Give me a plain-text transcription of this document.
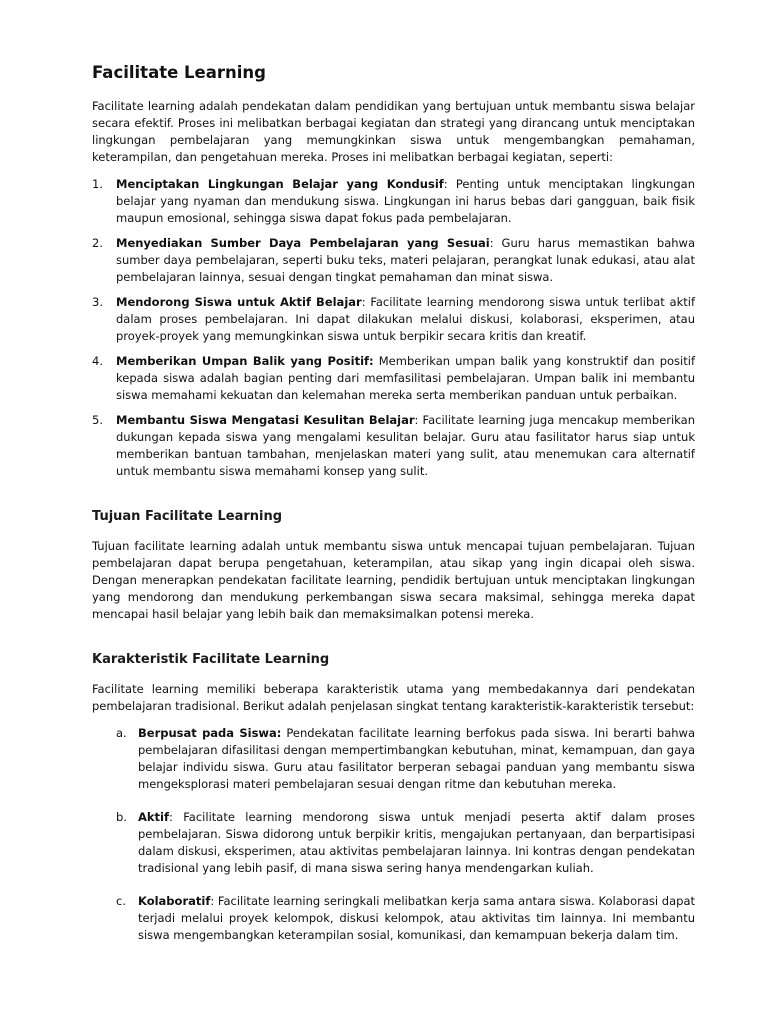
Facilitate Learning

Facilitate learning adalah pendekatan dalam pendidikan yang bertujuan untuk membantu siswa belajar secara efektif. Proses ini melibatkan berbagai kegiatan dan strategi yang dirancang untuk menciptakan lingkungan pembelajaran yang memungkinkan siswa untuk mengembangkan pemahaman, keterampilan, dan pengetahuan mereka. Proses ini melibatkan berbagai kegiatan, seperti:

1. Menciptakan Lingkungan Belajar yang Kondusif: Penting untuk menciptakan lingkungan belajar yang nyaman dan mendukung siswa. Lingkungan ini harus bebas dari gangguan, baik fisik maupun emosional, sehingga siswa dapat fokus pada pembelajaran.
2. Menyediakan Sumber Daya Pembelajaran yang Sesuai: Guru harus memastikan bahwa sumber daya pembelajaran, seperti buku teks, materi pelajaran, perangkat lunak edukasi, atau alat pembelajaran lainnya, sesuai dengan tingkat pemahaman dan minat siswa.
3. Mendorong Siswa untuk Aktif Belajar: Facilitate learning mendorong siswa untuk terlibat aktif dalam proses pembelajaran. Ini dapat dilakukan melalui diskusi, kolaborasi, eksperimen, atau proyek-proyek yang memungkinkan siswa untuk berpikir secara kritis dan kreatif.
4. Memberikan Umpan Balik yang Positif: Memberikan umpan balik yang konstruktif dan positif kepada siswa adalah bagian penting dari memfasilitasi pembelajaran. Umpan balik ini membantu siswa memahami kekuatan dan kelemahan mereka serta memberikan panduan untuk perbaikan.
5. Membantu Siswa Mengatasi Kesulitan Belajar: Facilitate learning juga mencakup memberikan dukungan kepada siswa yang mengalami kesulitan belajar. Guru atau fasilitator harus siap untuk memberikan bantuan tambahan, menjelaskan materi yang sulit, atau menemukan cara alternatif untuk membantu siswa memahami konsep yang sulit.
Tujuan Facilitate Learning

Tujuan facilitate learning adalah untuk membantu siswa untuk mencapai tujuan pembelajaran. Tujuan pembelajaran dapat berupa pengetahuan, keterampilan, atau sikap yang ingin dicapai oleh siswa. Dengan menerapkan pendekatan facilitate learning, pendidik bertujuan untuk menciptakan lingkungan yang mendorong dan mendukung perkembangan siswa secara maksimal, sehingga mereka dapat mencapai hasil belajar yang lebih baik dan memaksimalkan potensi mereka.

Karakteristik Facilitate Learning

Facilitate learning memiliki beberapa karakteristik utama yang membedakannya dari pendekatan pembelajaran tradisional. Berikut adalah penjelasan singkat tentang karakteristik-karakteristik tersebut:

a. Berpusat pada Siswa: Pendekatan facilitate learning berfokus pada siswa. Ini berarti bahwa pembelajaran difasilitasi dengan mempertimbangkan kebutuhan, minat, kemampuan, dan gaya belajar individu siswa. Guru atau fasilitator berperan sebagai panduan yang membantu siswa mengeksplorasi materi pembelajaran sesuai dengan ritme dan kebutuhan mereka.
b. Aktif: Facilitate learning mendorong siswa untuk menjadi peserta aktif dalam proses pembelajaran. Siswa didorong untuk berpikir kritis, mengajukan pertanyaan, dan berpartisipasi dalam diskusi, eksperimen, atau aktivitas pembelajaran lainnya. Ini kontras dengan pendekatan tradisional yang lebih pasif, di mana siswa sering hanya mendengarkan kuliah.
c. Kolaboratif: Facilitate learning seringkali melibatkan kerja sama antara siswa. Kolaborasi dapat terjadi melalui proyek kelompok, diskusi kelompok, atau aktivitas tim lainnya. Ini membantu siswa mengembangkan keterampilan sosial, komunikasi, dan kemampuan bekerja dalam tim.
